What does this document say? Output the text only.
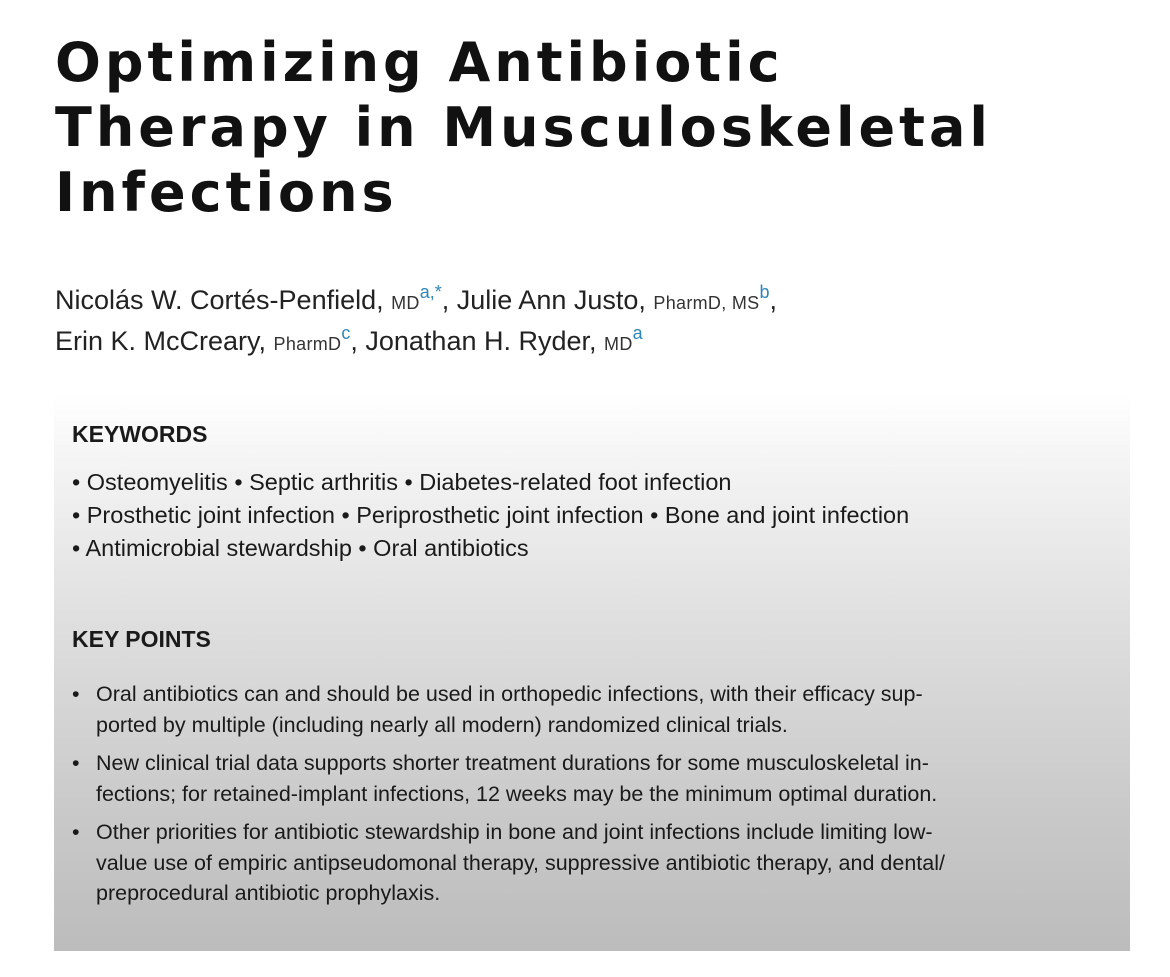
Optimizing Antibiotic
Therapy in Musculoskeletal
Infections
Nicolás W. Cortés-Penfield, MD$^{a,*}$, Julie Ann Justo, PharmD, MS$^b$,
Erin K. McCreary, PharmD$^c$, Jonathan H. Ryder, MD$^a$
KEYWORDS
• Osteomyelitis • Septic arthritis • Diabetes-related foot infection
• Prosthetic joint infection • Periprosthetic joint infection • Bone and joint infection
• Antimicrobial stewardship • Oral antibiotics
KEY POINTS
• Oral antibiotics can and should be used in orthopedic infections, with their efficacy sup-
ported by multiple (including nearly all modern) randomized clinical trials.
• New clinical trial data supports shorter treatment durations for some musculoskeletal in-
fections; for retained-implant infections, 12 weeks may be the minimum optimal duration.
• Other priorities for antibiotic stewardship in bone and joint infections include limiting low-
value use of empiric antipseudomonal therapy, suppressive antibiotic therapy, and dental/
preprocedural antibiotic prophylaxis.
